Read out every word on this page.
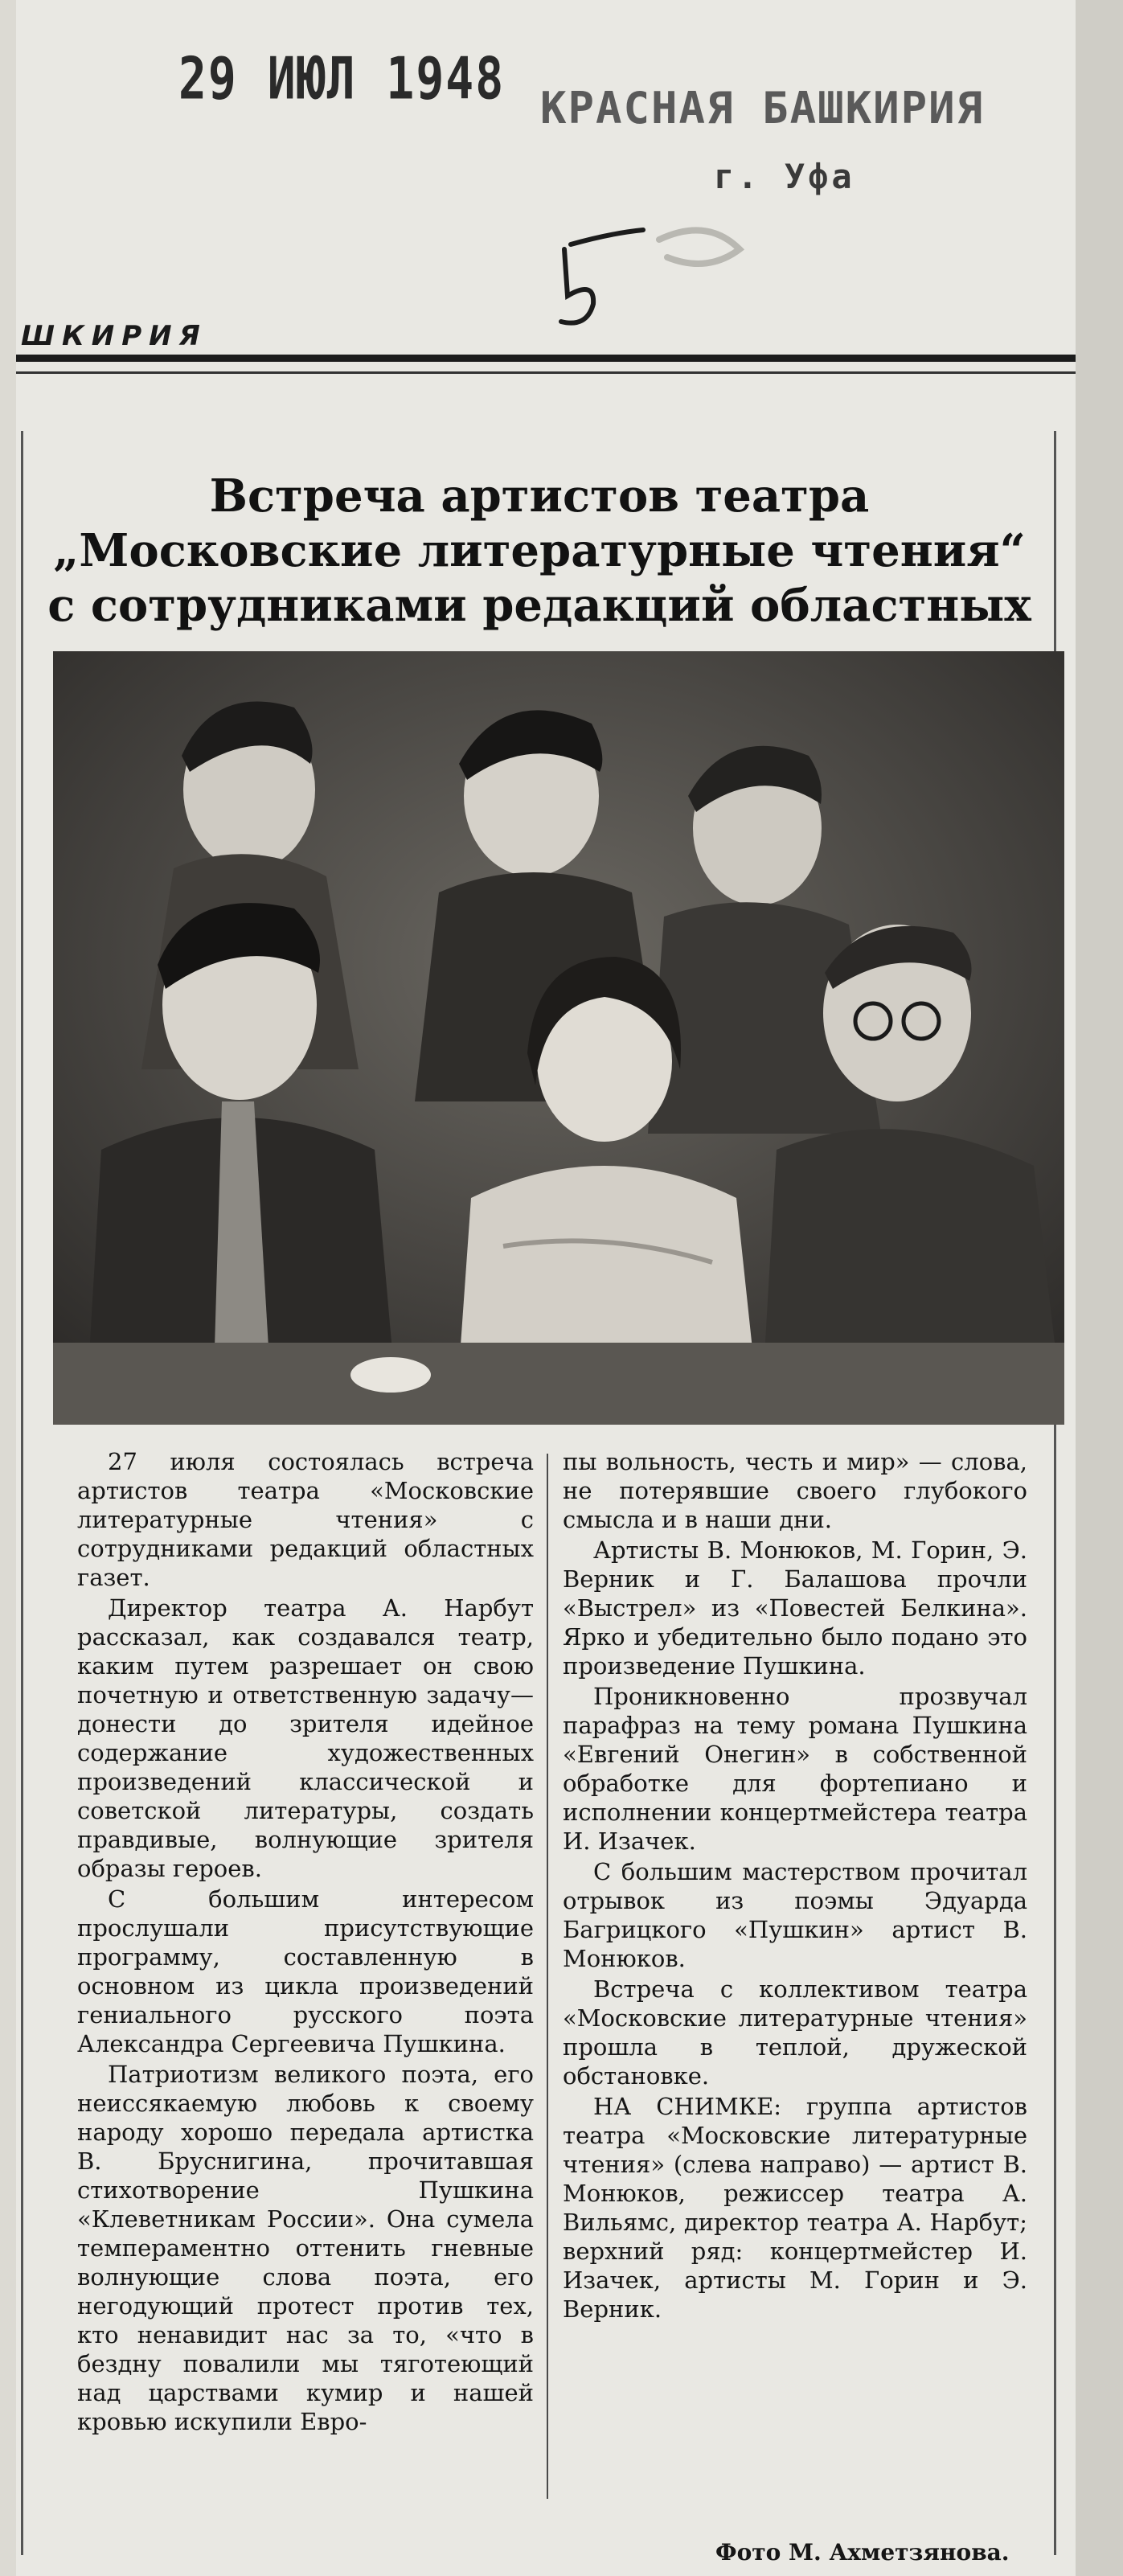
29 ИЮЛ 1948 КРАСНАЯ БАШКИРИЯ
г. Уфа
ШКИРИЯ
Встреча артистов театра „Московские литературные чтения“ с сотрудниками редакций областных

27 июля состоялась встреча артистов театра «Московские литературные чтения» с сотрудниками редакций областных газет.

Директор театра А. Нарбут рассказал, как создавался театр, каким путем разрешает он свою почетную и ответственную задачу—донести до зрителя идейное содержание художественных произведений классической и советской литературы, создать правдивые, волнующие зрителя образы героев.

С большим интересом прослушали присутствующие программу, составленную в основном из цикла произведений гениального русского поэта Александра Сергеевича Пушкина.

Патриотизм великого поэта, его неиссякаемую любовь к своему народу хорошо передала артистка В. Бруснигина, прочитавшая стихотворение Пушкина «Клеветникам России». Она сумела темпераментно оттенить гневные волнующие слова поэта, его негодующий протест против тех, кто ненавидит нас за то, «что в бездну повалили мы тяготеющий над царствами кумир и нашей кровью искупили Евро-

пы вольность, честь и мир» — слова, не потерявшие своего глубокого смысла и в наши дни.

Артисты В. Монюков, М. Горин, Э. Верник и Г. Балашова прочли «Выстрел» из «Повестей Белкина». Ярко и убедительно было подано это произведение Пушкина.

Проникновенно прозвучал парафраз на тему романа Пушкина «Евгений Онегин» в собственной обработке для фортепиано и исполнении концертмейстера театра И. Изачек.

С большим мастерством прочитал отрывок из поэмы Эдуарда Багрицкого «Пушкин» артист В. Монюков.

Встреча с коллективом театра «Московские литературные чтения» прошла в теплой, дружеской обстановке.

НА СНИМКЕ: группа артистов театра «Московские литературные чтения» (слева направо) — артист В. Монюков, режиссер театра А. Вильямс, директор театра А. Нарбут; верхний ряд: концертмейстер И. Изачек, артисты М. Горин и Э. Верник.

Фото М. Ахметзянова.
